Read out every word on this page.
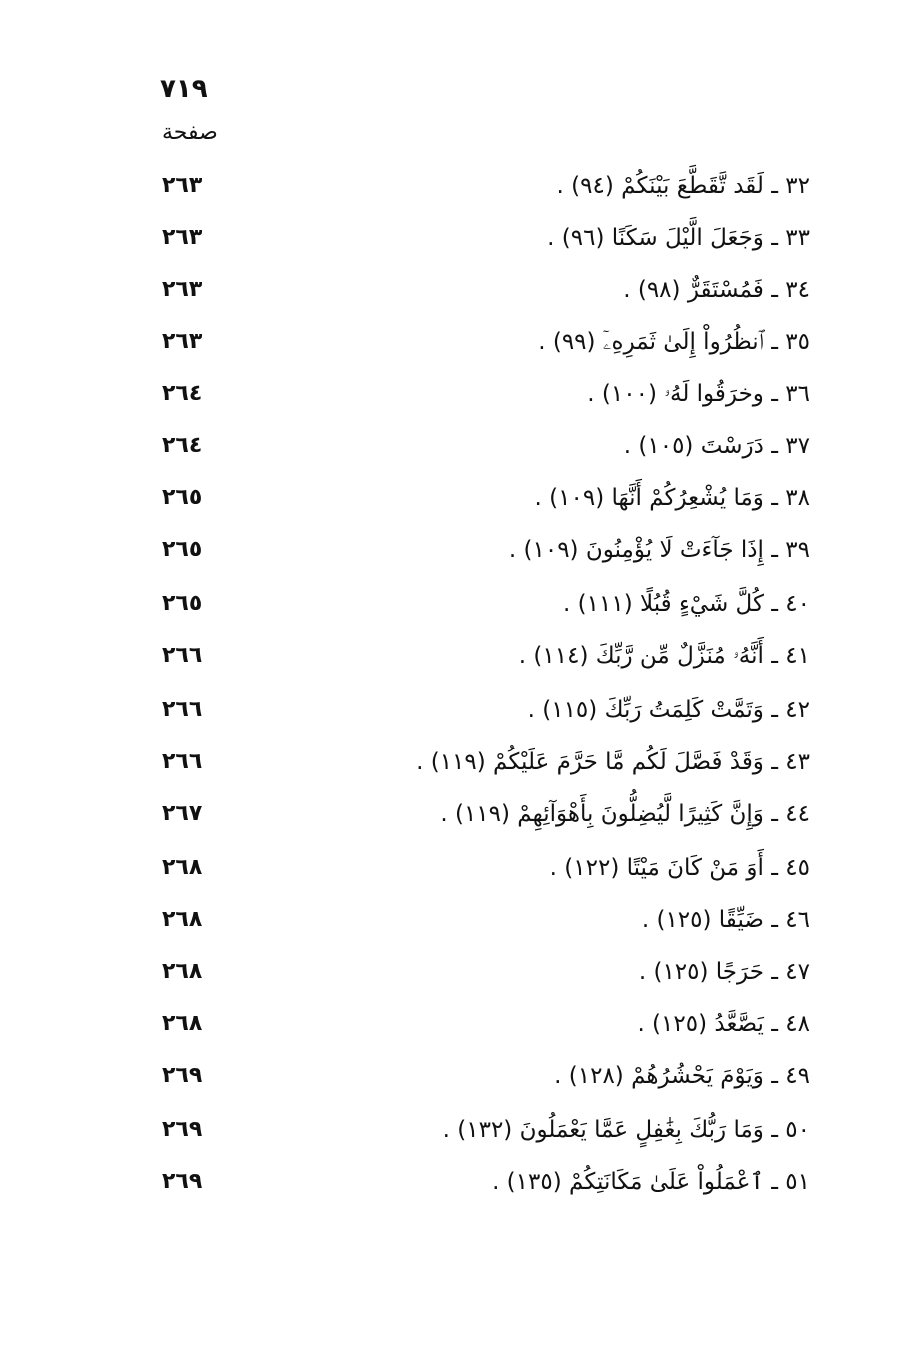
٧١٩
صفحة
٣٢ ـ لَقَد تَّقَطَّعَ بَيْنَكُمْ (٩٤) .
٢٦٣
٣٣ ـ وَجَعَلَ الَّيْلَ سَكَنًا (٩٦) .
٢٦٣
٣٤ ـ فَمُسْتَقَرٌّ (٩٨) .
٢٦٣
٣٥ ـ ٱنظُرُواْ إِلَىٰ ثَمَرِهِۦٓ (٩٩) .
٢٦٣
٣٦ ـ وخرَقُوا لَهُۥ (١٠٠) .
٢٦٤
٣٧ ـ دَرَسْتَ (١٠٥) .
٢٦٤
٣٨ ـ وَمَا يُشْعِرُكُمْ أَنَّهَا (١٠٩) .
٢٦٥
٣٩ ـ إِذَا جَآءَتْ لَا يُؤْمِنُونَ (١٠٩) .
٢٦٥
٤٠ ـ كُلَّ شَيْءٍ قُبُلًا (١١١) .
٢٦٥
٤١ ـ أَنَّهُۥ مُنَزَّلٌ مِّن رَّبِّكَ (١١٤) .
٢٦٦
٤٢ ـ وَتَمَّتْ كَلِمَتُ رَبِّكَ (١١٥) .
٢٦٦
٤٣ ـ وَقَدْ فَصَّلَ لَكُم مَّا حَرَّمَ عَلَيْكُمْ (١١٩) .
٢٦٦
٤٤ ـ وَإِنَّ كَثِيرًا لَّيُضِلُّونَ بِأَهْوَآئِهِمْ (١١٩) .
٢٦٧
٤٥ ـ أَوَ مَنْ كَانَ مَيْتًا (١٢٢) .
٢٦٨
٤٦ ـ ضَيِّقًا (١٢٥) .
٢٦٨
٤٧ ـ حَرَجًا (١٢٥) .
٢٦٨
٤٨ ـ يَصَّعَّدُ (١٢٥) .
٢٦٨
٤٩ ـ وَيَوْمَ يَحْشُرُهُمْ (١٢٨) .
٢٦٩
٥٠ ـ وَمَا رَبُّكَ بِغَٰفِلٍ عَمَّا يَعْمَلُونَ (١٣٢) .
٢٦٩
٥١ ـ ٱعْمَلُواْ عَلَىٰ مَكَانَتِكُمْ (١٣٥) .
٢٦٩
